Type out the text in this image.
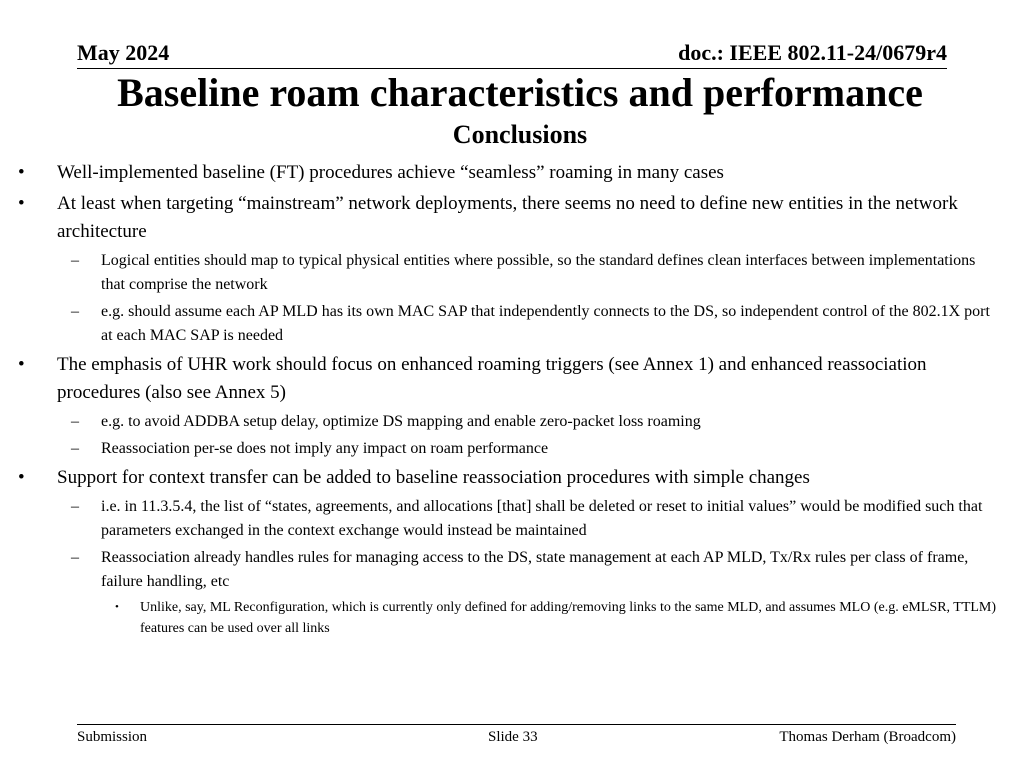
May 2024	doc.: IEEE 802.11-24/0679r4
Baseline roam characteristics and performance
Conclusions
• Well-implemented baseline (FT) procedures achieve “seamless” roaming in many cases
• At least when targeting “mainstream” network deployments, there seems no need to define new entities in the network architecture
– Logical entities should map to typical physical entities where possible, so the standard defines clean interfaces between implementations that comprise the network
– e.g. should assume each AP MLD has its own MAC SAP that independently connects to the DS, so independent control of the 802.1X port at each MAC SAP is needed
• The emphasis of UHR work should focus on enhanced roaming triggers (see Annex 1) and enhanced reassociation procedures (also see Annex 5)
– e.g. to avoid ADDBA setup delay, optimize DS mapping and enable zero-packet loss roaming
– Reassociation per-se does not imply any impact on roam performance
• Support for context transfer can be added to baseline reassociation procedures with simple changes
– i.e. in 11.3.5.4, the list of “states, agreements, and allocations [that] shall be deleted or reset to initial values” would be modified such that parameters exchanged in the context exchange would instead be maintained
– Reassociation already handles rules for managing access to the DS, state management at each AP MLD, Tx/Rx rules per class of frame, failure handling, etc
• Unlike, say, ML Reconfiguration, which is currently only defined for adding/removing links to the same MLD, and assumes MLO (e.g. eMLSR, TTLM) features can be used over all links
Submission	Slide 33	Thomas Derham (Broadcom)
